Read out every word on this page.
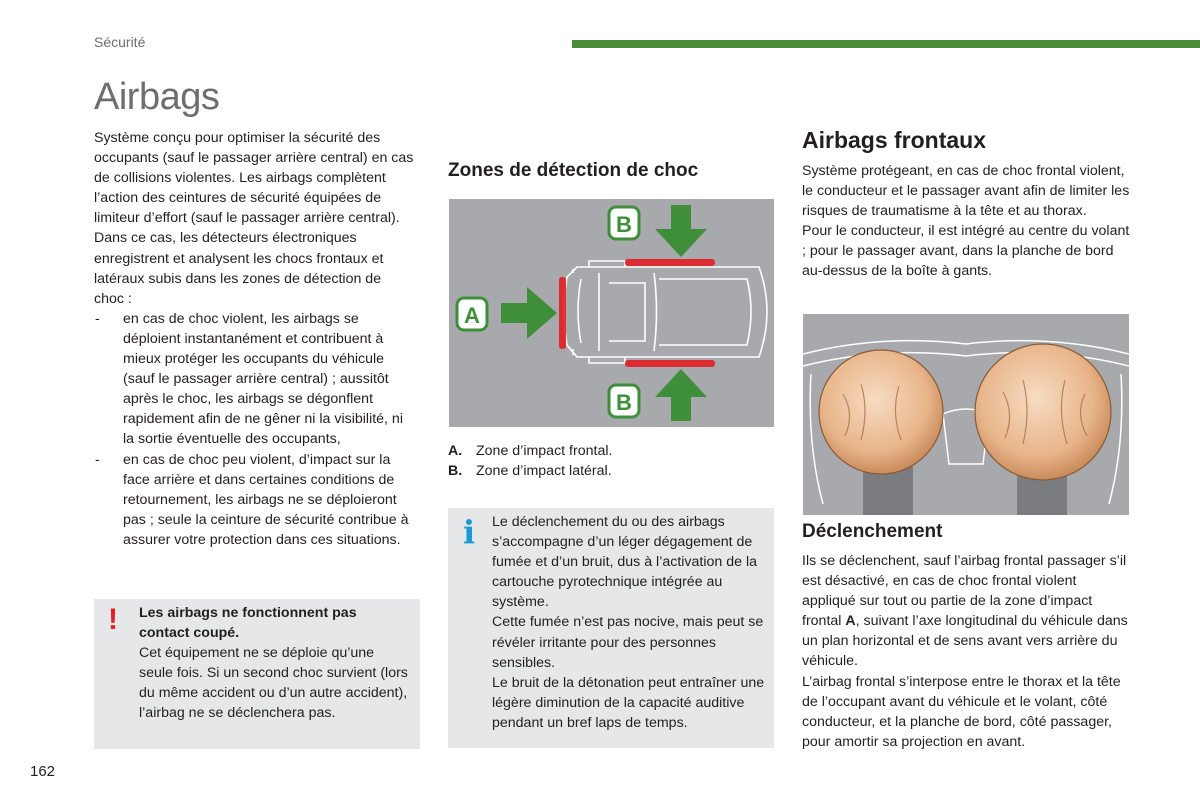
Sécurité
Airbags

Système conçu pour optimiser la sécurité des occupants (sauf le passager arrière central) en cas de collisions violentes. Les airbags complètent l’action des ceintures de sécurité équipées de limiteur d’effort (sauf le passager arrière central).

Dans ce cas, les détecteurs électroniques enregistrent et analysent les chocs frontaux et latéraux subis dans les zones de détection de choc :

- en cas de choc violent, les airbags se déploient instantanément et contribuent à mieux protéger les occupants du véhicule (sauf le passager arrière central) ; aussitôt après le choc, les airbags se dégonflent rapidement afin de ne gêner ni la visibilité, ni la sortie éventuelle des occupants,
- en cas de choc peu violent, d’impact sur la face arrière et dans certaines conditions de retournement, les airbags ne se déploieront pas ; seule la ceinture de sécurité contribue à assurer votre protection dans ces situations.
! Les airbags ne fonctionnent pas contact coupé.
Cet équipement ne se déploie qu’une seule fois. Si un second choc survient (lors du même accident ou d’un autre accident), l’airbag ne se déclenchera pas.
Zones de détection de choc
A
B
B
A. Zone d’impact frontal.
B. Zone d’impact latéral.
i Le déclenchement du ou des airbags s’accompagne d’un léger dégagement de fumée et d’un bruit, dus à l’activation de la cartouche pyrotechnique intégrée au système.
Cette fumée n’est pas nocive, mais peut se révéler irritante pour des personnes sensibles.
Le bruit de la détonation peut entraîner une légère diminution de la capacité auditive pendant un bref laps de temps.
Airbags frontaux
Système protégeant, en cas de choc frontal violent, le conducteur et le passager avant afin de limiter les risques de traumatisme à la tête et au thorax.
Pour le conducteur, il est intégré au centre du volant ; pour le passager avant, dans la planche de bord au-dessus de la boîte à gants.
Déclenchement
Ils se déclenchent, sauf l’airbag frontal passager s’il est désactivé, en cas de choc frontal violent appliqué sur tout ou partie de la zone d’impact frontal A, suivant l’axe longitudinal du véhicule dans un plan horizontal et de sens avant vers arrière du véhicule.
L’airbag frontal s’interpose entre le thorax et la tête de l’occupant avant du véhicule et le volant, côté conducteur, et la planche de bord, côté passager, pour amortir sa projection en avant.
162
